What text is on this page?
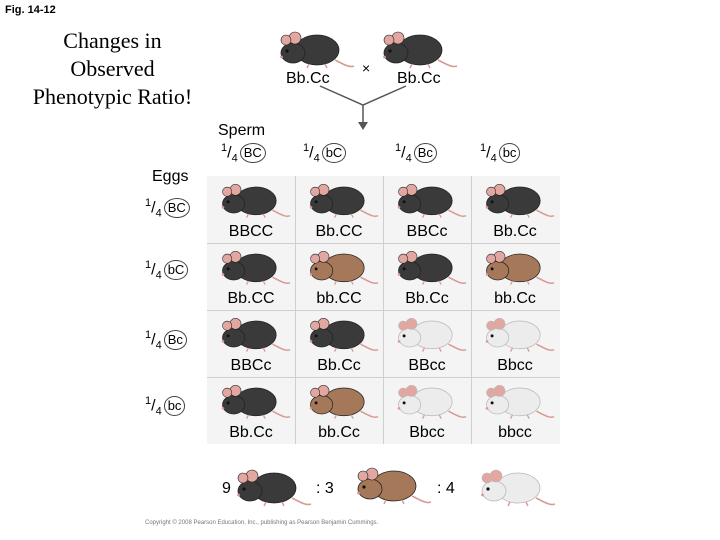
Fig. 14-12
Changes in
Observed
Phenotypic Ratio!
Bb.Cc
×
Bb.Cc
Sperm
$^1/_4$ BC	$^1/_4$ bC	$^1/_4$ Bc	$^1/_4$ bc
Eggs
$^1/_4$ BC
$^1/_4$ bC
$^1/_4$ Bc
$^1/_4$ bc
BBCC	Bb.CC	BBCc	Bb.Cc
Bb.CC	bb.CC	Bb.Cc	bb.Cc
BBCc	Bb.Cc	BBcc	Bbcc
Bb.Cc	bb.Cc	Bbcc	bbcc
9	: 3	: 4
Copyright © 2008 Pearson Education, Inc., publishing as Pearson Benjamin Cummings.
